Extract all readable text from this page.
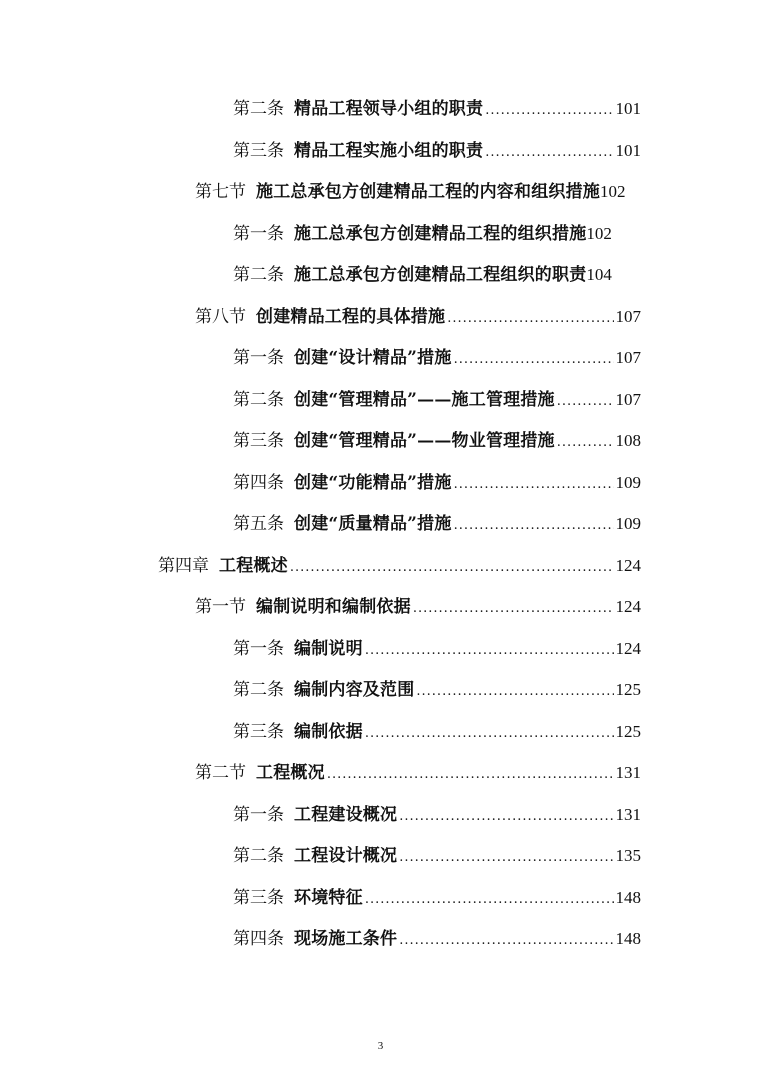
第二条 精品工程领导小组的职责 .....	101
第三条 精品工程实施小组的职责 .....	101
第七节 施工总承包方创建精品工程的内容和组织措施 102
第一条 施工总承包方创建精品工程的组织措施 102
第二条 施工总承包方创建精品工程组织的职责 104
第八节 创建精品工程的具体措施 .....	107
第一条 创建“设计精品”措施 .....	107
第二条 创建“管理精品”——施工管理措施 .....	107
第三条 创建“管理精品”——物业管理措施 .....	108
第四条 创建“功能精品”措施 .....	109
第五条 创建“质量精品”措施 .....	109
第四章 工程概述 .....	124
第一节 编制说明和编制依据 .....	124
第一条 编制说明 .....	124
第二条 编制内容及范围 .....	125
第三条 编制依据 .....	125
第二节 工程概况 .....	131
第一条 工程建设概况 .....	131
第二条 工程设计概况 .....	135
第三条 环境特征 .....	148
第四条 现场施工条件 .....	148
3
